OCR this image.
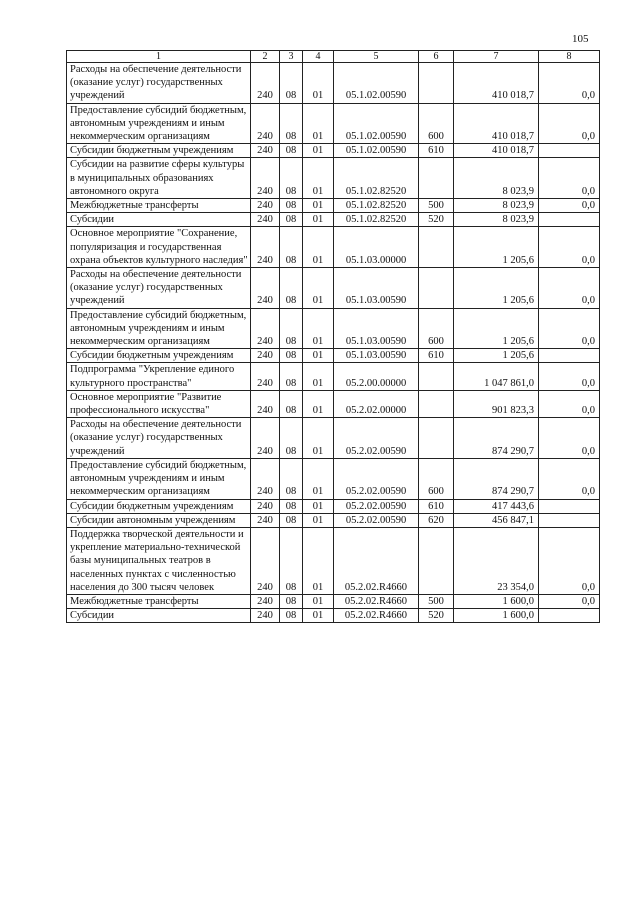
105
1	2	3	4	5	6	7	8
Расходы на обеспечение деятельности (оказание услуг) государственных учреждений	240	08	01	05.1.02.00590		410 018,7	0,0
Предоставление субсидий бюджетным, автономным учреждениям и иным некоммерческим организациям	240	08	01	05.1.02.00590	600	410 018,7	0,0
Субсидии бюджетным учреждениям	240	08	01	05.1.02.00590	610	410 018,7	
Субсидии на развитие сферы культуры в муниципальных образованиях автономного округа	240	08	01	05.1.02.82520		8 023,9	0,0
Межбюджетные трансферты	240	08	01	05.1.02.82520	500	8 023,9	0,0
Субсидии	240	08	01	05.1.02.82520	520	8 023,9	
Основное мероприятие "Сохранение, популяризация и государственная охрана объектов культурного наследия"	240	08	01	05.1.03.00000		1 205,6	0,0
Расходы на обеспечение деятельности (оказание услуг) государственных учреждений	240	08	01	05.1.03.00590		1 205,6	0,0
Предоставление субсидий бюджетным, автономным учреждениям и иным некоммерческим организациям	240	08	01	05.1.03.00590	600	1 205,6	0,0
Субсидии бюджетным учреждениям	240	08	01	05.1.03.00590	610	1 205,6	
Подпрограмма "Укрепление единого культурного пространства"	240	08	01	05.2.00.00000		1 047 861,0	0,0
Основное мероприятие "Развитие профессионального искусства"	240	08	01	05.2.02.00000		901 823,3	0,0
Расходы на обеспечение деятельности (оказание услуг) государственных учреждений	240	08	01	05.2.02.00590		874 290,7	0,0
Предоставление субсидий бюджетным, автономным учреждениям и иным некоммерческим организациям	240	08	01	05.2.02.00590	600	874 290,7	0,0
Субсидии бюджетным учреждениям	240	08	01	05.2.02.00590	610	417 443,6	
Субсидии автономным учреждениям	240	08	01	05.2.02.00590	620	456 847,1	
Поддержка творческой деятельности и укрепление материально-технической базы муниципальных театров в населенных пунктах с численностью населения до 300 тысяч человек	240	08	01	05.2.02.R4660		23 354,0	0,0
Межбюджетные трансферты	240	08	01	05.2.02.R4660	500	1 600,0	0,0
Субсидии	240	08	01	05.2.02.R4660	520	1 600,0	
